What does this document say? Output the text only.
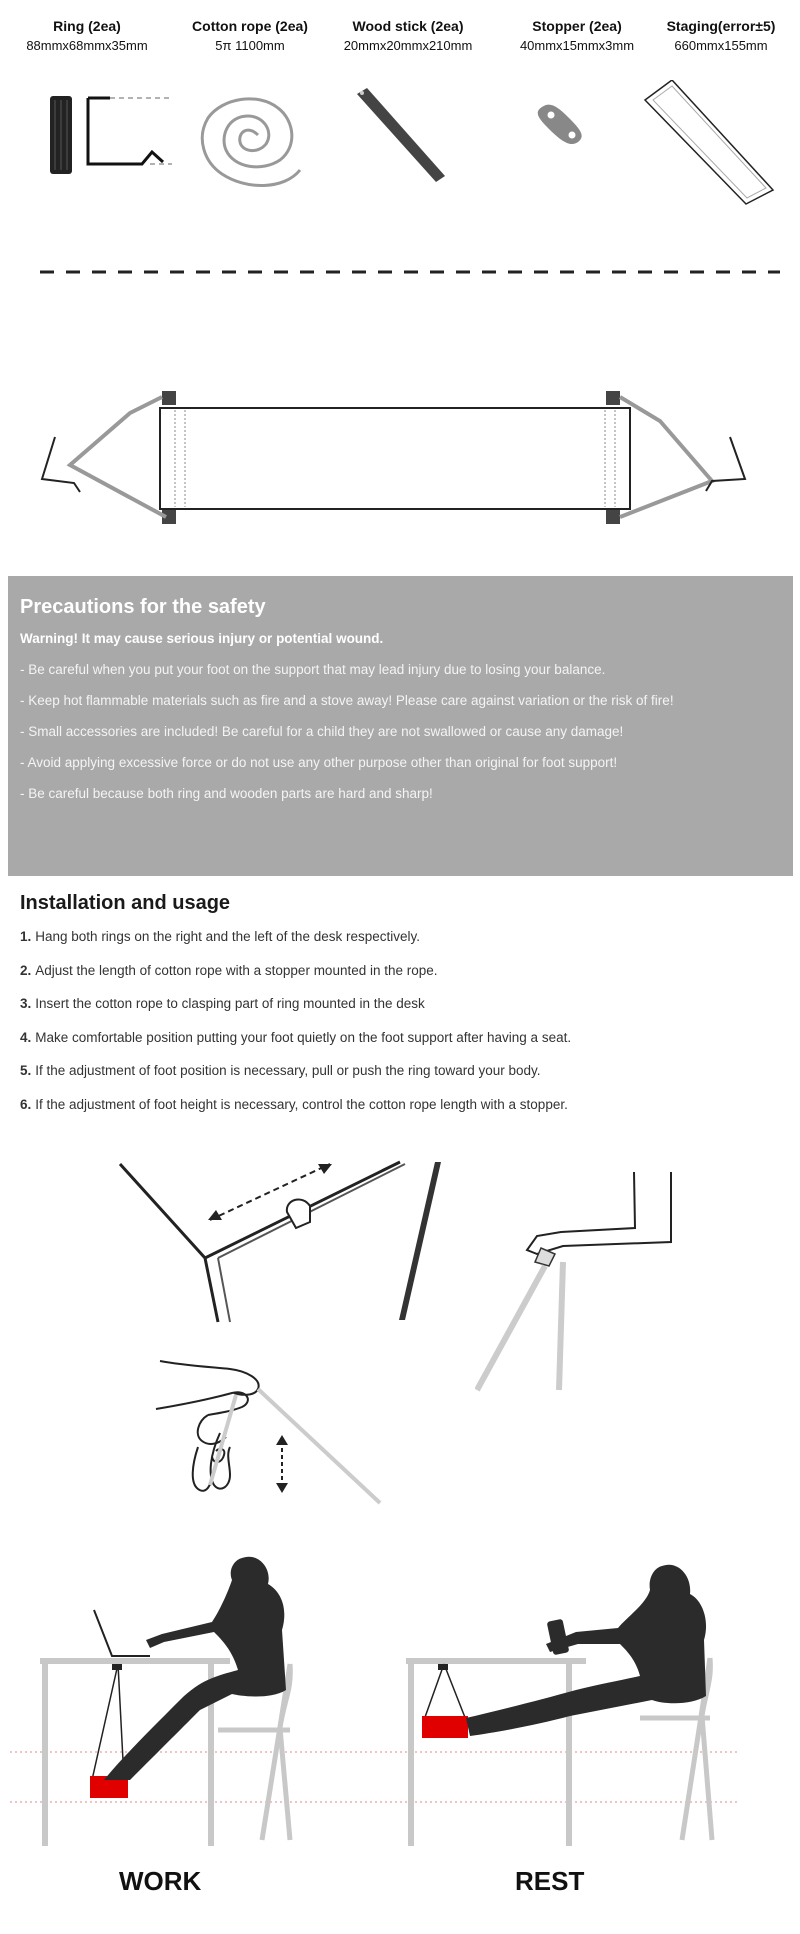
Ring (2ea)
88mmx68mmx35mm
Cotton rope (2ea)
5π 1100mm
Wood stick (2ea)
20mmx20mmx210mm
Stopper (2ea)
40mmx15mmx3mm
Staging(error±5)
660mmx155mm
Precautions for the safety
Warning! It may cause serious injury or potential wound.
- Be careful when you put your foot on the support that may lead injury due to losing your balance.
- Keep hot flammable materials such as fire and a stove away! Please care against variation or the risk of fire!
- Small accessories are included! Be careful for a child they are not swallowed or cause any damage!
- Avoid applying excessive force or do not use any other purpose other than original for foot support!
- Be careful because both ring and wooden parts are hard and sharp!
Installation and usage
1. Hang both rings on the right and the left of the desk respectively.
2. Adjust the length of cotton rope with a stopper mounted in the rope.
3. Insert the cotton rope to clasping part of ring mounted in the desk
4. Make comfortable position putting your foot quietly on the foot support after having a seat.
5. If the adjustment of foot position is necessary, pull or push the ring toward your body.
6. If the adjustment of foot height is necessary, control the cotton rope length with a stopper.
WORK	REST
